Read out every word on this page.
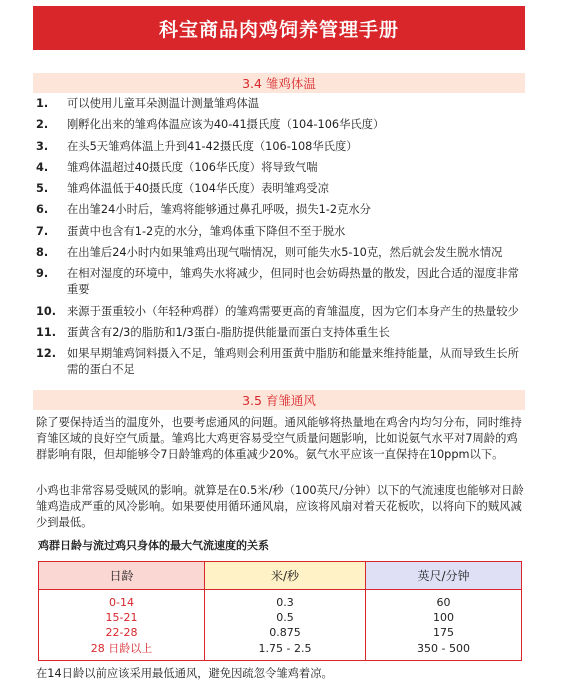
科宝商品肉鸡饲养管理手册
3.4 雏鸡体温
1.	可以使用儿童耳朵测温计测量雏鸡体温
2.	刚孵化出来的雏鸡体温应该为40-41摄氏度（104-106华氏度）
3.	在头5天雏鸡体温上升到41-42摄氏度（106-108华氏度）
4.	雏鸡体温超过40摄氏度（106华氏度）将导致气喘
5.	雏鸡体温低于40摄氏度（104华氏度）表明雏鸡受凉
6.	在出雏24小时后，雏鸡将能够通过鼻孔呼吸，损失1-2克水分
7.	蛋黄中也含有1-2克的水分，雏鸡体重下降但不至于脱水
8.	在出雏后24小时内如果雏鸡出现气喘情况，则可能失水5-10克，然后就会发生脱水情况
9.	在相对湿度的环境中，雏鸡失水将减少，但同时也会妨碍热量的散发，因此合适的湿度非常重要
10. 来源于蛋重较小（年轻种鸡群）的雏鸡需要更高的育雏温度，因为它们本身产生的热量较少
11. 蛋黄含有2/3的脂肪和1/3蛋白-脂肪提供能量而蛋白支持体重生长
12. 如果早期雏鸡饲料摄入不足，雏鸡则会利用蛋黄中脂肪和能量来维持能量，从而导致生长所需的蛋白不足
3.5 育雏通风

除了要保持适当的温度外，也要考虑通风的问题。通风能够将热量地在鸡舍内均匀分布，同时维持育雏区域的良好空气质量。雏鸡比大鸡更容易受空气质量问题影响，比如说氨气水平对7周龄的鸡群影响有限，但却能够令7日龄雏鸡的体重减少20%。氨气水平应该一直保持在10ppm以下。

小鸡也非常容易受贼风的影响。就算是在0.5米/秒（100英尺/分钟）以下的气流速度也能够对日龄雏鸡造成严重的风冷影响。如果要使用循环通风扇，应该将风扇对着天花板吹，以将向下的贼风减少到最低。

鸡群日龄与流过鸡只身体的最大气流速度的关系
日龄	米/秒	英尺/分钟

0-14	0.3	60
15-21	0.5	100
22-28	0.875	175
28 日龄以上	1.75 - 2.5	350 - 500
在14日龄以前应该采用最低通风，避免因疏忽令雏鸡着凉。
